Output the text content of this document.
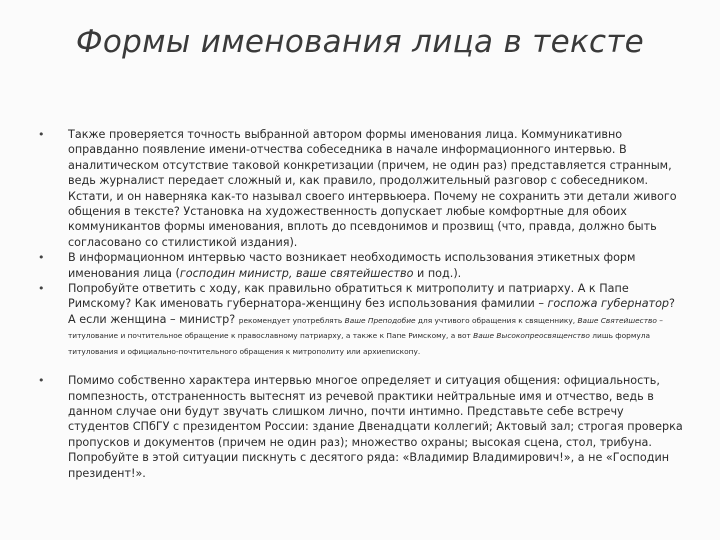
Формы именования лица в тексте
• Также проверяется точность выбранной автором формы именования лица. Коммуникативно оправданно появление имени-отчества собеседника в начале информационного интервью. В аналитическом отсутствие таковой конкретизации (причем, не один раз) представляется странным, ведь журналист передает сложный и, как правило, продолжительный разговор с собеседником. Кстати, и он наверняка как-то называл своего интервьюера. Почему не сохранить эти детали живого общения в тексте? Установка на художественность допускает любые комфортные для обоих коммуникантов формы именования, вплоть до псевдонимов и прозвищ (что, правда, должно быть согласовано со стилистикой издания).
• В информационном интервью часто возникает необходимость использования этикетных форм именования лица (господин министр, ваше святейшество и под.).
• Попробуйте ответить с ходу, как правильно обратиться к митрополиту и патриарху. А к Папе Римскому? Как именовать губернатора-женщину без использования фамилии – госпожа губернатор? А если женщина – министр? рекомендует употреблять Ваше Преподобие для учтивого обращения к священнику, Ваше Святейшество – титулованиe и почтительное обращение к православному патриарху, а также к Папе Римскому, а вот Ваше Высокопреосвященство лишь формула титулования и официально-почтительного обращения к митрополиту или архиепископу.
• Помимо собственно характера интервью многое определяет и ситуация общения: официальность, помпезность, отстраненность вытеснят из речевой практики нейтральные имя и отчество, ведь в данном случае они будут звучать слишком лично, почти интимно. Представьте себе встречу студентов СПбГУ с президентом России: здание Двенадцати коллегий; Актовый зал; строгая проверка пропусков и документов (причем не один раз); множество охраны; высокая сцена, стол, трибуна. Попробуйте в этой ситуации пискнуть с десятого ряда: «Владимир Владимирович!», а не «Господин президент!».
